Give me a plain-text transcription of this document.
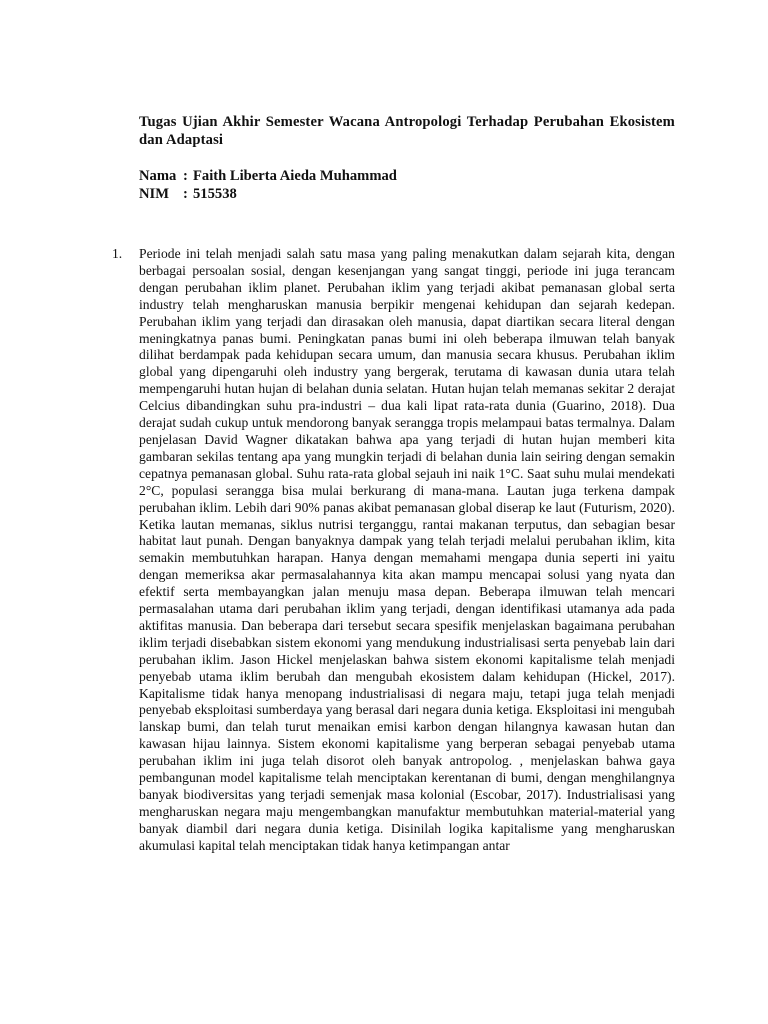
Tugas Ujian Akhir Semester Wacana Antropologi Terhadap Perubahan Ekosistem dan Adaptasi

Nama : Faith Liberta Aieda Muhammad
NIM : 515538
1.	Periode ini telah menjadi salah satu masa yang paling menakutkan dalam sejarah kita, dengan berbagai persoalan sosial, dengan kesenjangan yang sangat tinggi, periode ini juga terancam dengan perubahan iklim planet. Perubahan iklim yang terjadi akibat pemanasan global serta industry telah mengharuskan manusia berpikir mengenai kehidupan dan sejarah kedepan. Perubahan iklim yang terjadi dan dirasakan oleh manusia, dapat diartikan secara literal dengan meningkatnya panas bumi. Peningkatan panas bumi ini oleh beberapa ilmuwan telah banyak dilihat berdampak pada kehidupan secara umum, dan manusia secara khusus. Perubahan iklim global yang dipengaruhi oleh industry yang bergerak, terutama di kawasan dunia utara telah mempengaruhi hutan hujan di belahan dunia selatan. Hutan hujan telah memanas sekitar 2 derajat Celcius dibandingkan suhu pra-industri – dua kali lipat rata-rata dunia (Guarino, 2018). Dua derajat sudah cukup untuk mendorong banyak serangga tropis melampaui batas termalnya. Dalam penjelasan David Wagner dikatakan bahwa apa yang terjadi di hutan hujan memberi kita gambaran sekilas tentang apa yang mungkin terjadi di belahan dunia lain seiring dengan semakin cepatnya pemanasan global. Suhu rata-rata global sejauh ini naik 1°C. Saat suhu mulai mendekati 2°C, populasi serangga bisa mulai berkurang di mana-mana. Lautan juga terkena dampak perubahan iklim. Lebih dari 90% panas akibat pemanasan global diserap ke laut (Futurism, 2020). Ketika lautan memanas, siklus nutrisi terganggu, rantai makanan terputus, dan sebagian besar habitat laut punah. Dengan banyaknya dampak yang telah terjadi melalui perubahan iklim, kita semakin membutuhkan harapan. Hanya dengan memahami mengapa dunia seperti ini yaitu dengan memeriksa akar permasalahannya kita akan mampu mencapai solusi yang nyata dan efektif serta membayangkan jalan menuju masa depan. Beberapa ilmuwan telah mencari permasalahan utama dari perubahan iklim yang terjadi, dengan identifikasi utamanya ada pada aktifitas manusia. Dan beberapa dari tersebut secara spesifik menjelaskan bagaimana perubahan iklim terjadi disebabkan sistem ekonomi yang mendukung industrialisasi serta penyebab lain dari perubahan iklim. Jason Hickel menjelaskan bahwa sistem ekonomi kapitalisme telah menjadi penyebab utama iklim berubah dan mengubah ekosistem dalam kehidupan (Hickel, 2017). Kapitalisme tidak hanya menopang industrialisasi di negara maju, tetapi juga telah menjadi penyebab eksploitasi sumberdaya yang berasal dari negara dunia ketiga. Eksploitasi ini mengubah lanskap bumi, dan telah turut menaikan emisi karbon dengan hilangnya kawasan hutan dan kawasan hijau lainnya. Sistem ekonomi kapitalisme yang berperan sebagai penyebab utama perubahan iklim ini juga telah disorot oleh banyak antropolog. , menjelaskan bahwa gaya pembangunan model kapitalisme telah menciptakan kerentanan di bumi, dengan menghilangnya banyak biodiversitas yang terjadi semenjak masa kolonial (Escobar, 2017). Industrialisasi yang mengharuskan negara maju mengembangkan manufaktur membutuhkan material-material yang banyak diambil dari negara dunia ketiga. Disinilah logika kapitalisme yang mengharuskan akumulasi kapital telah menciptakan tidak hanya ketimpangan antar
